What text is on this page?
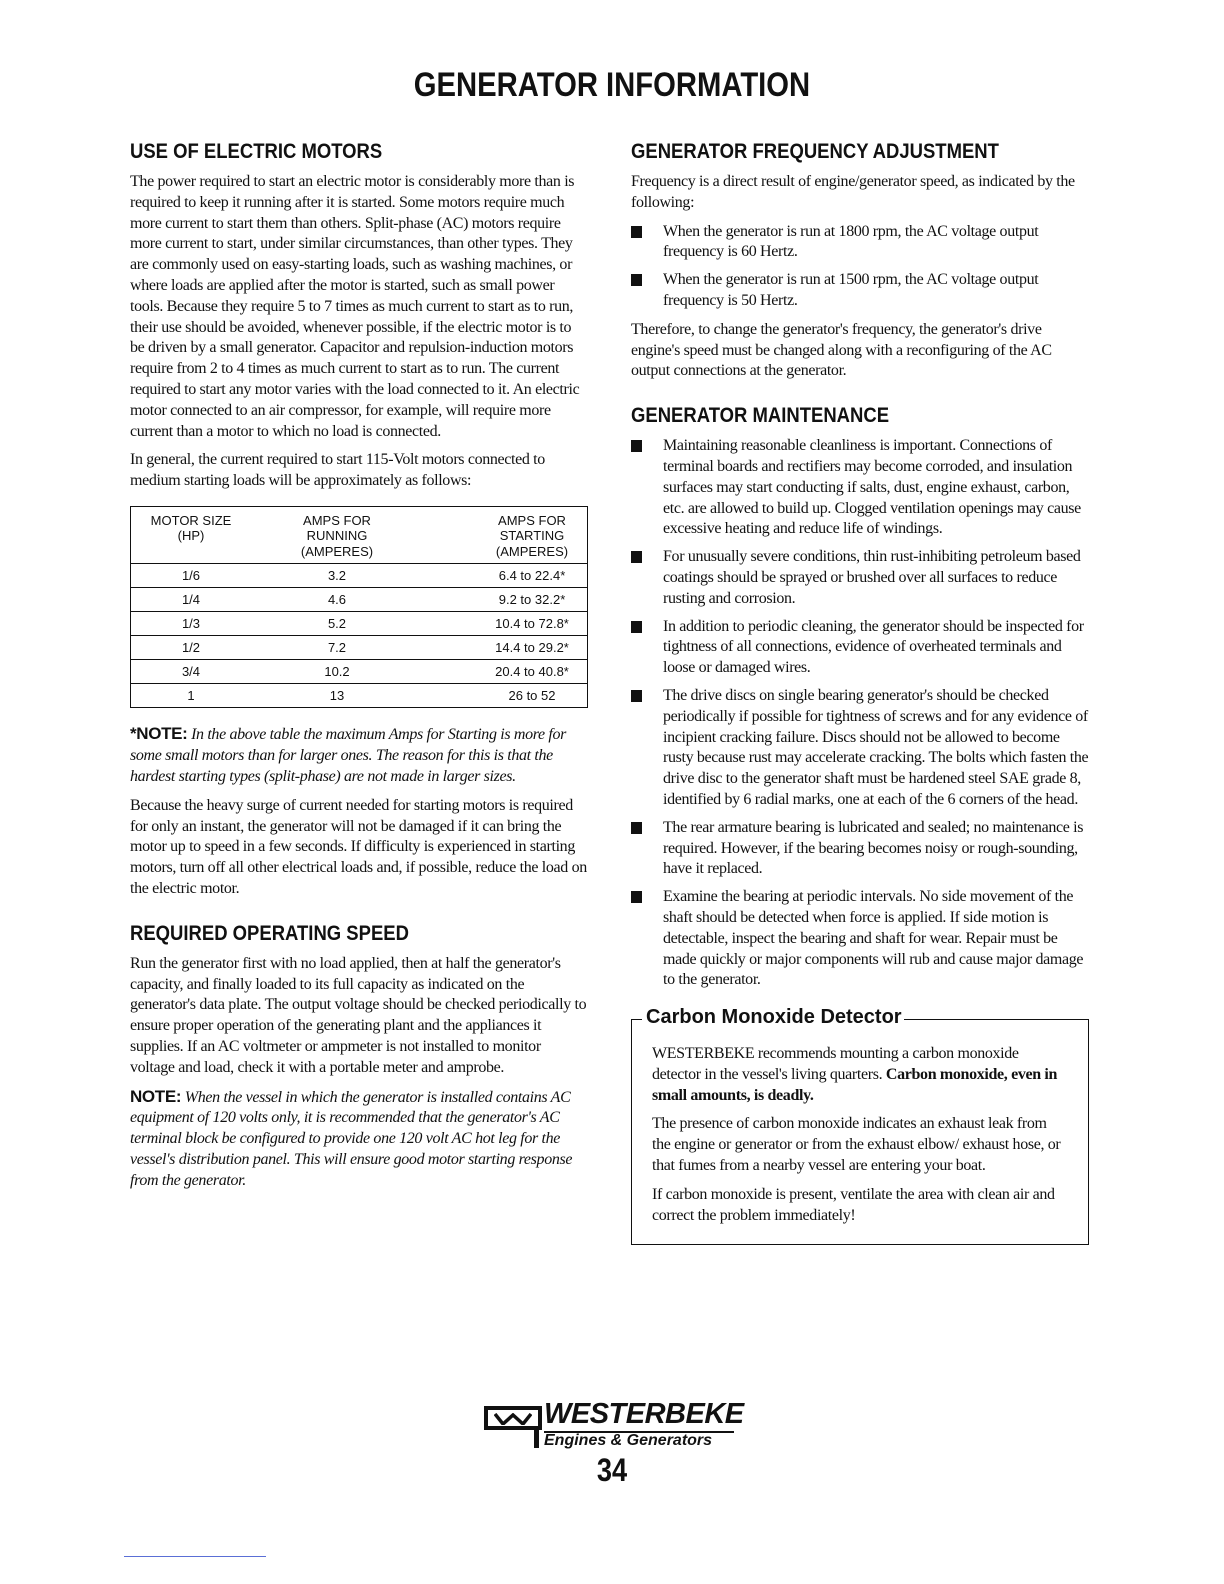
GENERATOR INFORMATION
USE OF ELECTRIC MOTORS

The power required to start an electric motor is considerably more than is required to keep it running after it is started. Some motors require much more current to start them than others. Split-phase (AC) motors require more current to start, under similar circumstances, than other types. They are commonly used on easy-starting loads, such as washing machines, or where loads are applied after the motor is started, such as small power tools. Because they require 5 to 7 times as much current to start as to run, their use should be avoided, whenever possible, if the electric motor is to be driven by a small generator. Capacitor and repulsion-induction motors require from 2 to 4 times as much current to start as to run. The current required to start any motor varies with the load connected to it. An electric motor connected to an air compressor, for example, will require more current than a motor to which no load is connected.

In general, the current required to start 115-Volt motors connected to medium starting loads will be approximately as follows:

MOTOR SIZE
(HP)	AMPS FOR
RUNNING
(AMPERES)	AMPS FOR
STARTING
(AMPERES)
1/6	3.2	6.4 to 22.4*
1/4	4.6	9.2 to 32.2*
1/3	5.2	10.4 to 72.8*
1/2	7.2	14.4 to 29.2*
3/4	10.2	20.4 to 40.8*
1	13	26 to 52

*NOTE: In the above table the maximum Amps for Starting is more for some small motors than for larger ones. The reason for this is that the hardest starting types (split-phase) are not made in larger sizes.

Because the heavy surge of current needed for starting motors is required for only an instant, the generator will not be damaged if it can bring the motor up to speed in a few seconds. If difficulty is experienced in starting motors, turn off all other electrical loads and, if possible, reduce the load on the electric motor.

REQUIRED OPERATING SPEED

Run the generator first with no load applied, then at half the generator's capacity, and finally loaded to its full capacity as indicated on the generator's data plate. The output voltage should be checked periodically to ensure proper operation of the generating plant and the appliances it supplies. If an AC voltmeter or ampmeter is not installed to monitor voltage and load, check it with a portable meter and amprobe.

NOTE: When the vessel in which the generator is installed contains AC equipment of 120 volts only, it is recommended that the generator's AC terminal block be configured to provide one 120 volt AC hot leg for the vessel's distribution panel. This will ensure good motor starting response from the generator.

GENERATOR FREQUENCY ADJUSTMENT

Frequency is a direct result of engine/generator speed, as indicated by the following:

When the generator is run at 1800 rpm, the AC voltage output frequency is 60 Hertz.
When the generator is run at 1500 rpm, the AC voltage output frequency is 50 Hertz.

Therefore, to change the generator's frequency, the generator's drive engine's speed must be changed along with a reconfiguring of the AC output connections at the generator.

GENERATOR MAINTENANCE
Maintaining reasonable cleanliness is important. Connections of terminal boards and rectifiers may become corroded, and insulation surfaces may start conducting if salts, dust, engine exhaust, carbon, etc. are allowed to build up. Clogged ventilation openings may cause excessive heating and reduce life of windings.
For unusually severe conditions, thin rust-inhibiting petroleum based coatings should be sprayed or brushed over all surfaces to reduce rusting and corrosion.
In addition to periodic cleaning, the generator should be inspected for tightness of all connections, evidence of overheated terminals and loose or damaged wires.
The drive discs on single bearing generator's should be checked periodically if possible for tightness of screws and for any evidence of incipient cracking failure. Discs should not be allowed to become rusty because rust may accelerate cracking. The bolts which fasten the drive disc to the generator shaft must be hardened steel SAE grade 8, identified by 6 radial marks, one at each of the 6 corners of the head.
The rear armature bearing is lubricated and sealed; no maintenance is required. However, if the bearing becomes noisy or rough-sounding, have it replaced.
Examine the bearing at periodic intervals. No side movement of the shaft should be detected when force is applied. If side motion is detectable, inspect the bearing and shaft for wear. Repair must be made quickly or major components will rub and cause major damage to the generator.
Carbon Monoxide Detector

WESTERBEKE recommends mounting a carbon monoxide detector in the vessel's living quarters. Carbon monoxide, even in small amounts, is deadly.

The presence of carbon monoxide indicates an exhaust leak from the engine or generator or from the exhaust elbow/ exhaust hose, or that fumes from a nearby vessel are entering your boat.

If carbon monoxide is present, ventilate the area with clean air and correct the problem immediately!

WESTERBEKE
Engines & Generators
34
